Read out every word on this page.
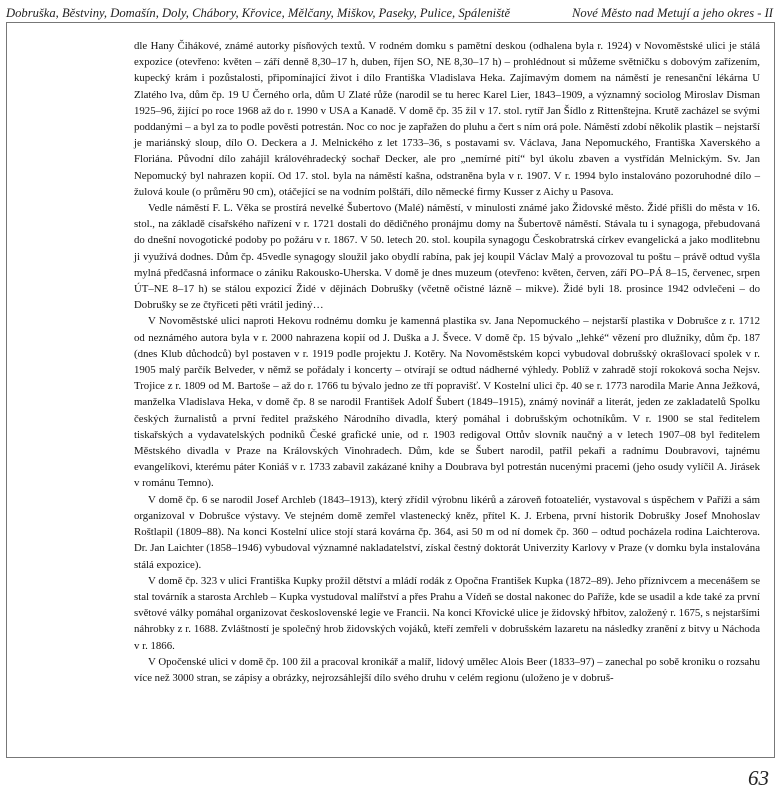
Dobruška, Běstviny, Domašín, Doly, Chábory, Křovice, Mělčany, Miškov, Paseky, Pulice, Spáleniště	Nové Město nad Metují a jeho okres - II

dle Hany Čihákové, známé autorky písňových textů. V rodném domku s pamětní deskou (odhalena byla r. 1924) v Novoměstské ulici je stálá expozice (otevřeno: květen – září denně 8,30–17 h, duben, říjen SO, NE 8,30–17 h) – prohlédnout si můžeme světničku s dobovým zařízením, kupecký krám i pozůstalosti, připomínající život i dílo Františka Vladislava Heka. Zajímavým domem na náměstí je renesanční lékárna U Zlatého lva, dům čp. 19 U Černého orla, dům U Zlaté růže (narodil se tu herec Karel Lier, 1843–1909, a významný sociolog Miroslav Disman 1925–96, žijící po roce 1968 až do r. 1990 v USA a Kanadě. V domě čp. 35 žil v 17. stol. rytíř Jan Šídlo z Rittenštejna. Krutě zacházel se svými poddanými – a byl za to podle pověsti potrestán. Noc co noc je zapřažen do pluhu a čert s ním orá pole. Náměstí zdobí několik plastik – nejstarší je mariánský sloup, dílo O. Deckera a J. Melnického z let 1733–36, s postavami sv. Václava, Jana Nepomuckého, Františka Xaverského a Floriána. Původní dílo zahájil královéhradecký sochař Decker, ale pro „nemírné pití“ byl úkolu zbaven a vystřídán Melnickým. Sv. Jan Nepomucký byl nahrazen kopií. Od 17. stol. byla na náměstí kašna, odstraněna byla v r. 1907. V r. 1994 bylo instalováno pozoruhodné dílo – žulová koule (o průměru 90 cm), otáčející se na vodním polštáři, dílo německé firmy Kusser z Aichy u Pasova.

Vedle náměstí F. L. Věka se prostírá nevelké Šubertovo (Malé) náměstí, v minulosti známé jako Židovské město. Židé přišli do města v 16. stol., na základě císařského nařízení v r. 1721 dostali do dědičného pronájmu domy na Šubertově náměstí. Stávala tu i synagoga, přebudovaná do dnešní novogotické podoby po požáru v r. 1867. V 50. letech 20. stol. koupila synagogu Českobratrská církev evangelická a jako modlitebnu ji využívá dodnes. Dům čp. 45vedle synagogy sloužil jako obydlí rabína, pak jej koupil Václav Malý a provozoval tu poštu – právě odtud vyšla mylná předčasná informace o zániku Rakousko-Uherska. V domě je dnes muzeum (otevřeno: květen, červen, září PO–PÁ 8–15, červenec, srpen ÚT–NE 8–17 h) se stálou expozicí Židé v dějinách Dobrušky (včetně očistné lázně – mikve). Židé byli 18. prosince 1942 odvlečeni – do Dobrušky se ze čtyřiceti pěti vrátil jediný…

V Novoměstské ulici naproti Hekovu rodnému domku je kamenná plastika sv. Jana Nepomuckého – nejstarší plastika v Dobrušce z r. 1712 od neznámého autora byla v r. 2000 nahrazena kopií od J. Duška a J. Švece. V domě čp. 15 bývalo „lehké“ vězení pro dlužníky, dům čp. 187 (dnes Klub důchodců) byl postaven v r. 1919 podle projektu J. Kotěry. Na Novoměstském kopci vybudoval dobrušský okrašlovací spolek v r. 1905 malý parčík Belveder, v němž se pořádaly i koncerty – otvírají se odtud nádherné výhledy. Poblíž v zahradě stojí rokoková socha Nejsv. Trojice z r. 1809 od M. Bartoše – až do r. 1766 tu bývalo jedno ze tří popravišť. V Kostelní ulici čp. 40 se r. 1773 narodila Marie Anna Ježková, manželka Vladislava Heka, v domě čp. 8 se narodil František Adolf Šubert (1849–1915), známý novinář a literát, jeden ze zakladatelů Spolku českých žurnalistů a první ředitel pražského Národního divadla, který pomáhal i dobrušským ochotníkům. V r. 1900 se stal ředitelem tiskařských a vydavatelských podniků České grafické unie, od r. 1903 redigoval Ottův slovník naučný a v letech 1907–08 byl ředitelem Městského divadla v Praze na Královských Vinohradech. Dům, kde se Šubert narodil, patřil pekaři a radnímu Doubravovi, tajnému evangelíkovi, kterému páter Koniáš v r. 1733 zabavil zakázané knihy a Doubrava byl potrestán nucenými pracemi (jeho osudy vylíčil A. Jirásek v románu Temno).

V domě čp. 6 se narodil Josef Archleb (1843–1913), který zřídil výrobnu likérů a zároveň fotoateliér, vystavoval s úspěchem v Paříži a sám organizoval v Dobrušce výstavy. Ve stejném domě zemřel vlastenecký kněz, přítel K. J. Erbena, první historik Dobrušky Josef Mnohoslav Roštlapil (1809–88). Na konci Kostelní ulice stojí stará kovárna čp. 364, asi 50 m od ní domek čp. 360 – odtud pocházela rodina Laichterova. Dr. Jan Laichter (1858–1946) vybudoval významné nakladatelství, získal čestný doktorát Univerzity Karlovy v Praze (v domku byla instalována stálá expozice).

V domě čp. 323 v ulici Františka Kupky prožil dětství a mládí rodák z Opočna František Kupka (1872–89). Jeho příznivcem a mecenášem se stal továrník a starosta Archleb – Kupka vystudoval malířství a přes Prahu a Vídeň se dostal nakonec do Paříže, kde se usadil a kde také za první světové války pomáhal organizovat československé legie ve Francii. Na konci Křovické ulice je židovský hřbitov, založený r. 1675, s nejstaršími náhrobky z r. 1688. Zvláštností je společný hrob židovských vojáků, kteří zemřeli v dobrušském lazaretu na následky zranění z bitvy u Náchoda v r. 1866.

V Opočenské ulici v domě čp. 100 žil a pracoval kronikář a malíř, lidový umělec Alois Beer (1833–97) – zanechal po sobě kroniku o rozsahu více než 3000 stran, se zápisy a obrázky, nejrozsáhlejší dílo svého druhu v celém regionu (uloženo je v dobruš-

63
